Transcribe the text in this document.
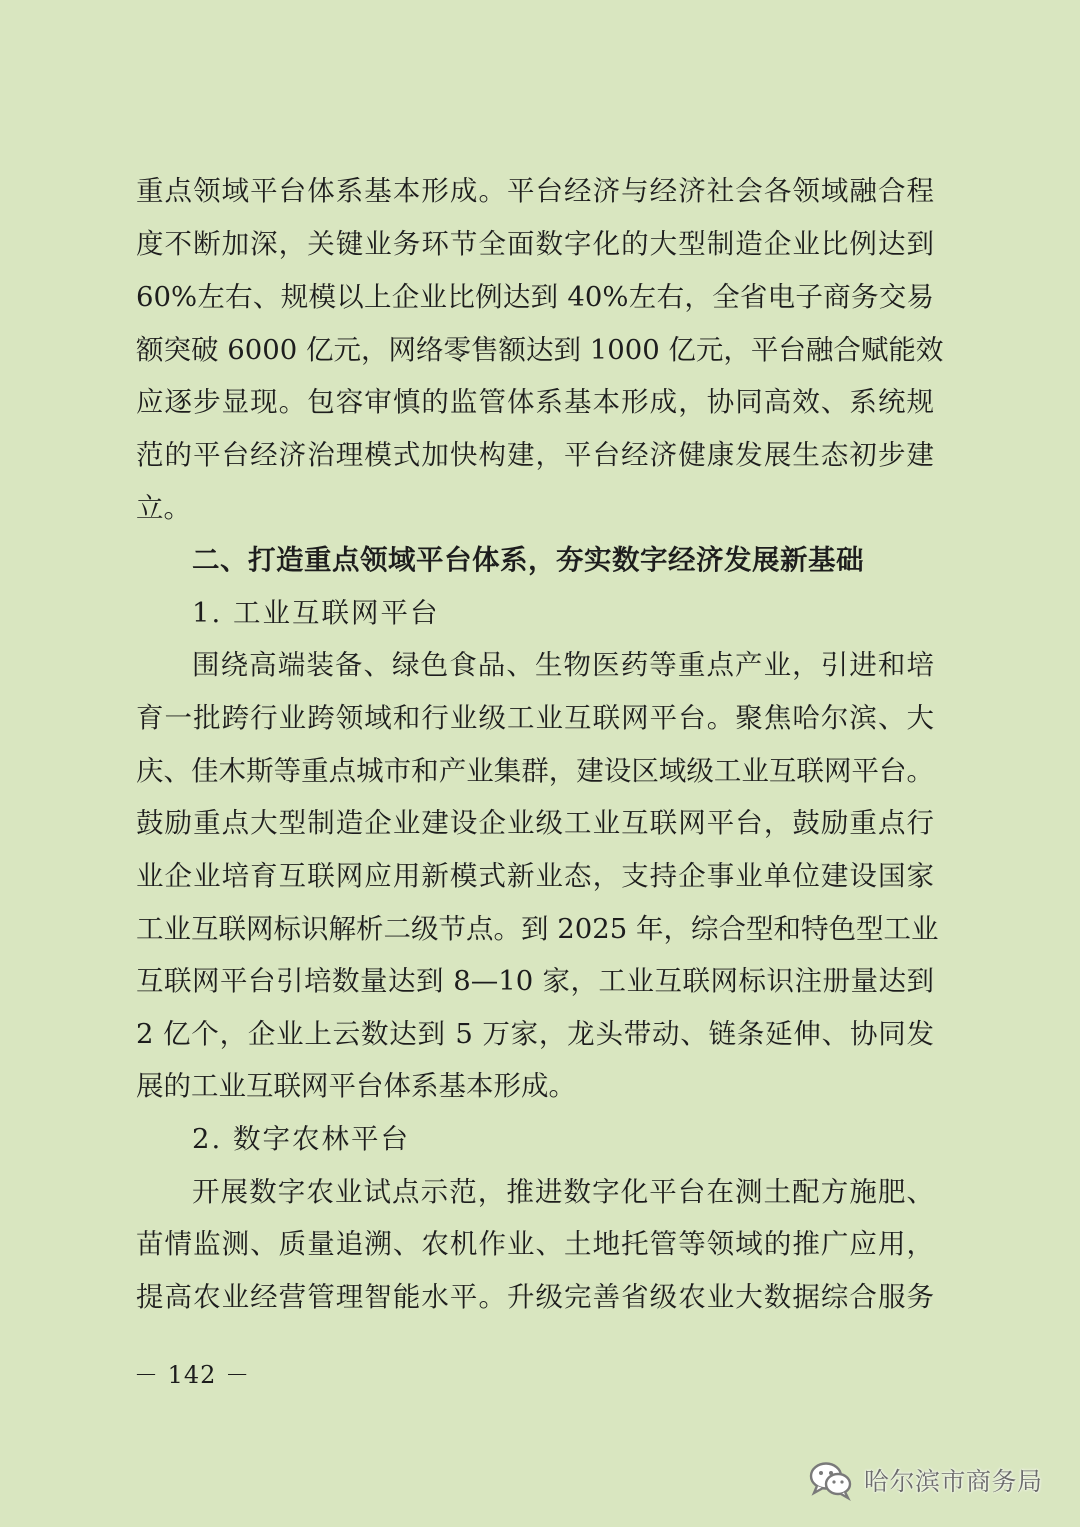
重点领域平台体系基本形成。平台经济与经济社会各领域融合程
度不断加深，关键业务环节全面数字化的大型制造企业比例达到
60%左右、规模以上企业比例达到 40%左右，全省电子商务交易
额突破 6000 亿元，网络零售额达到 1000 亿元，平台融合赋能效
应逐步显现。包容审慎的监管体系基本形成，协同高效、系统规
范的平台经济治理模式加快构建，平台经济健康发展生态初步建
立。
二、打造重点领域平台体系，夯实数字经济发展新基础
1. 工业互联网平台
围绕高端装备、绿色食品、生物医药等重点产业，引进和培
育一批跨行业跨领域和行业级工业互联网平台。聚焦哈尔滨、大
庆、佳木斯等重点城市和产业集群，建设区域级工业互联网平台。
鼓励重点大型制造企业建设企业级工业互联网平台，鼓励重点行
业企业培育互联网应用新模式新业态，支持企事业单位建设国家
工业互联网标识解析二级节点。到 2025 年，综合型和特色型工业
互联网平台引培数量达到 8—10 家，工业互联网标识注册量达到
2 亿个，企业上云数达到 5 万家，龙头带动、链条延伸、协同发
展的工业互联网平台体系基本形成。
2. 数字农林平台
开展数字农业试点示范，推进数字化平台在测土配方施肥、
苗情监测、质量追溯、农机作业、土地托管等领域的推广应用，
提高农业经营管理智能水平。升级完善省级农业大数据综合服务
－ 142 －
哈尔滨市商务局
